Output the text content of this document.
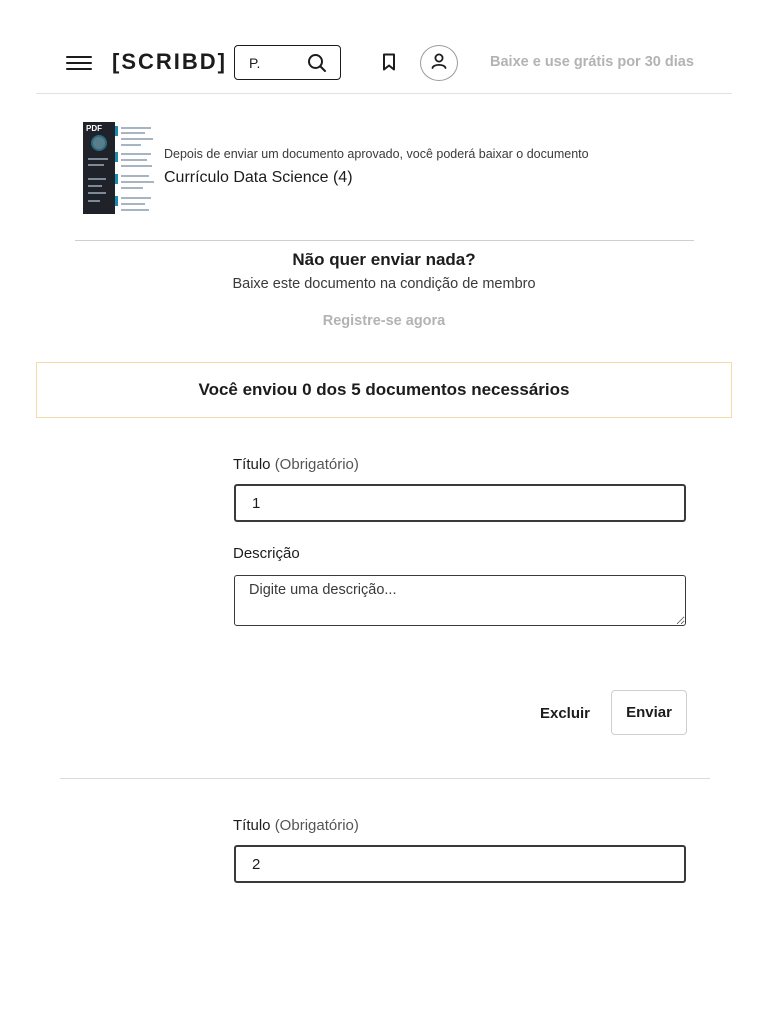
[SCRIBD]
P.	Baixe e use grátis por 30 dias
PDF
Depois de enviar um documento aprovado, você poderá baixar o documento
Currículo Data Science (4)
Não quer enviar nada?
Baixe este documento na condição de membro
Registre-se agora
Você enviou 0 dos 5 documentos necessários
Título (Obrigatório)
1
Descrição
Digite uma descrição...
Excluir	Enviar
Título (Obrigatório)
2
